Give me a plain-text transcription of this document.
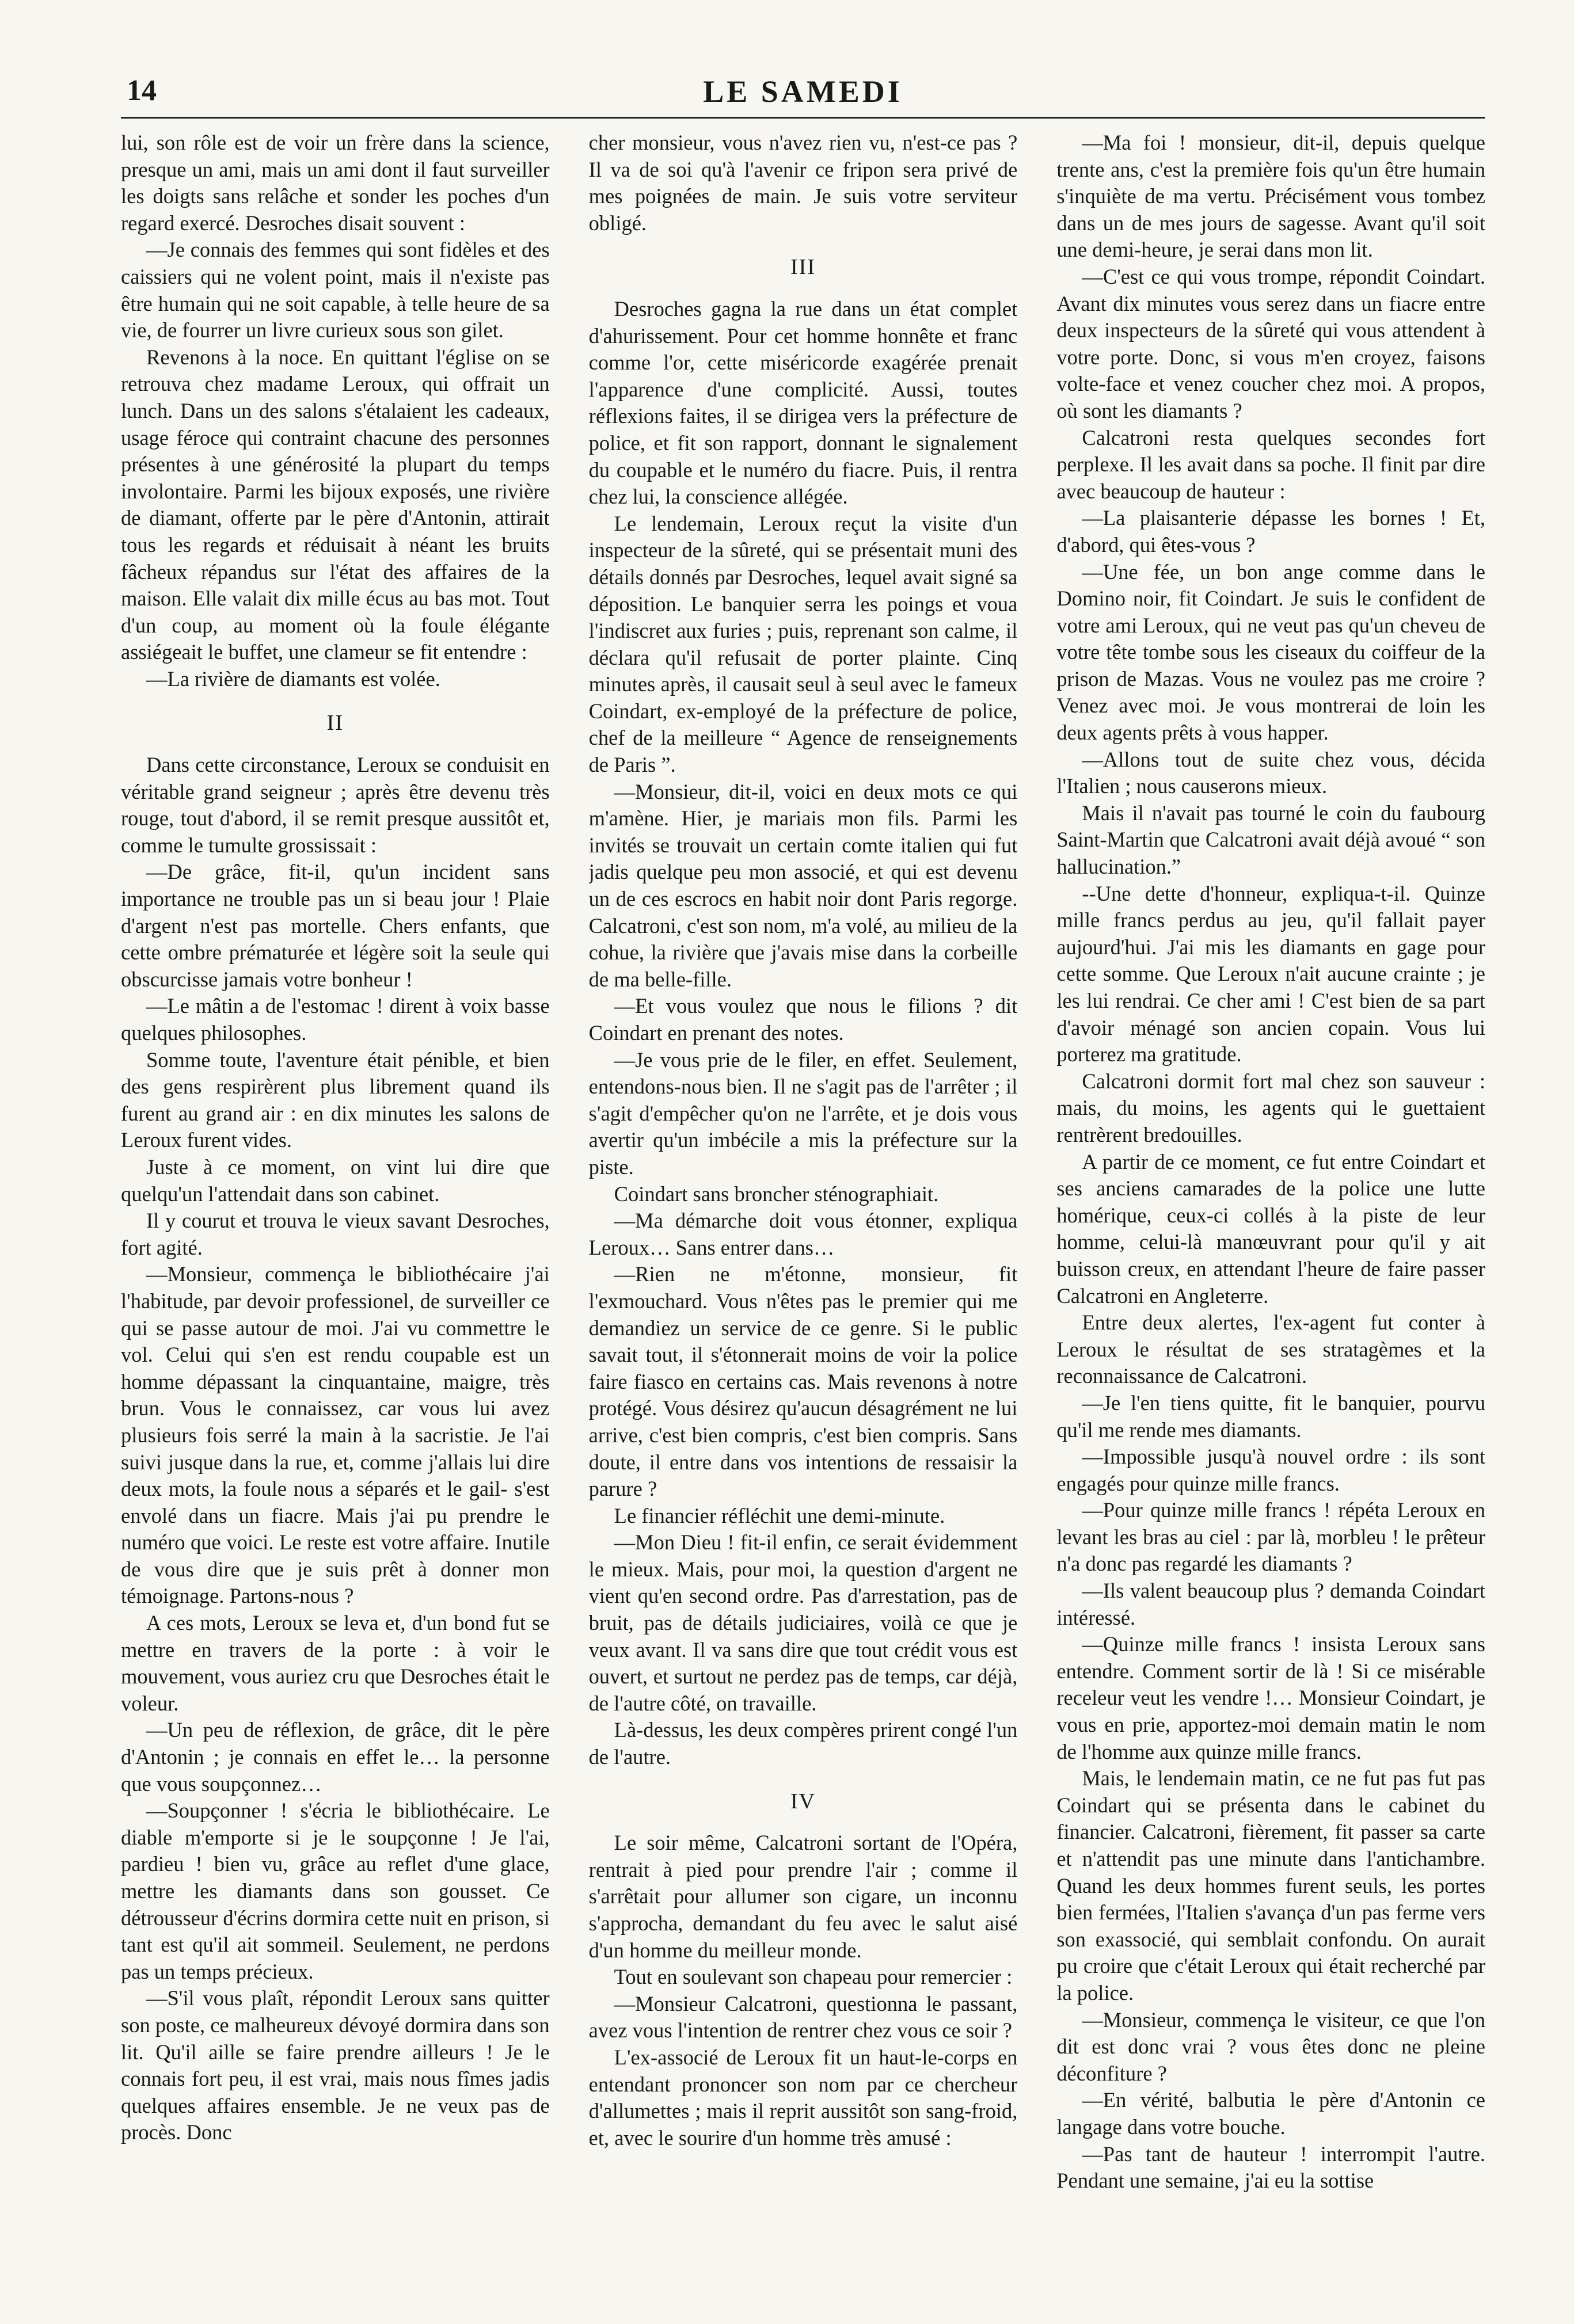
14	LE SAMEDI

lui, son rôle est de voir un frère dans la science, presque un ami, mais un ami dont il faut surveiller les doigts sans relâche et sonder les poches d'un regard exercé. Desroches disait souvent :

—Je connais des femmes qui sont fidèles et des caissiers qui ne volent point, mais il n'existe pas être humain qui ne soit capable, à telle heure de sa vie, de fourrer un livre curieux sous son gilet.

Revenons à la noce. En quittant l'église on se retrouva chez madame Leroux, qui offrait un lunch. Dans un des salons s'étalaient les cadeaux, usage féroce qui contraint chacune des personnes présentes à une générosité la plupart du temps involontaire. Parmi les bijoux exposés, une rivière de diamant, offerte par le père d'Antonin, attirait tous les regards et réduisait à néant les bruits fâcheux répandus sur l'état des affaires de la maison. Elle valait dix mille écus au bas mot. Tout d'un coup, au moment où la foule élégante assiégeait le buffet, une clameur se fit entendre :

—La rivière de diamants est volée.

II

Dans cette circonstance, Leroux se conduisit en véritable grand seigneur ; après être devenu très rouge, tout d'abord, il se remit presque aussitôt et, comme le tumulte grossissait :

—De grâce, fit-il, qu'un incident sans importance ne trouble pas un si beau jour ! Plaie d'argent n'est pas mortelle. Chers enfants, que cette ombre prématurée et légère soit la seule qui obscurcisse jamais votre bonheur !

—Le mâtin a de l'estomac ! dirent à voix basse quelques philosophes.

Somme toute, l'aventure était pénible, et bien des gens respirèrent plus librement quand ils furent au grand air : en dix minutes les salons de Leroux furent vides.

Juste à ce moment, on vint lui dire que quelqu'un l'attendait dans son cabinet.

Il y courut et trouva le vieux savant Desroches, fort agité.

—Monsieur, commença le bibliothécaire j'ai l'habitude, par devoir professionel, de surveiller ce qui se passe autour de moi. J'ai vu commettre le vol. Celui qui s'en est rendu coupable est un homme dépassant la cinquantaine, maigre, très brun. Vous le connaissez, car vous lui avez plusieurs fois serré la main à la sacristie. Je l'ai suivi jusque dans la rue, et, comme j'allais lui dire deux mots, la foule nous a séparés et le gail- s'est envolé dans un fiacre. Mais j'ai pu prendre le numéro que voici. Le reste est votre affaire. Inutile de vous dire que je suis prêt à donner mon témoignage. Partons-nous ?

A ces mots, Leroux se leva et, d'un bond fut se mettre en travers de la porte : à voir le mouvement, vous auriez cru que Desroches était le voleur.

—Un peu de réflexion, de grâce, dit le père d'Antonin ; je connais en effet le… la personne que vous soupçonnez…

—Soupçonner ! s'écria le bibliothécaire. Le diable m'emporte si je le soupçonne ! Je l'ai, pardieu ! bien vu, grâce au reflet d'une glace, mettre les diamants dans son gousset. Ce détrousseur d'écrins dormira cette nuit en prison, si tant est qu'il ait sommeil. Seulement, ne perdons pas un temps précieux.

—S'il vous plaît, répondit Leroux sans quitter son poste, ce malheureux dévoyé dormira dans son lit. Qu'il aille se faire prendre ailleurs ! Je le connais fort peu, il est vrai, mais nous fîmes jadis quelques affaires ensemble. Je ne veux pas de procès. Donc

cher monsieur, vous n'avez rien vu, n'est-ce pas ? Il va de soi qu'à l'avenir ce fripon sera privé de mes poignées de main. Je suis votre serviteur obligé.

III

Desroches gagna la rue dans un état complet d'ahurissement. Pour cet homme honnête et franc comme l'or, cette miséricorde exagérée prenait l'apparence d'une complicité. Aussi, toutes réflexions faites, il se dirigea vers la préfecture de police, et fit son rapport, donnant le signalement du coupable et le numéro du fiacre. Puis, il rentra chez lui, la conscience allégée.

Le lendemain, Leroux reçut la visite d'un inspecteur de la sûreté, qui se présentait muni des détails donnés par Desroches, lequel avait signé sa déposition. Le banquier serra les poings et voua l'indiscret aux furies ; puis, reprenant son calme, il déclara qu'il refusait de porter plainte. Cinq minutes après, il causait seul à seul avec le fameux Coindart, ex-employé de la préfecture de police, chef de la meilleure “ Agence de renseignements de Paris ”.

—Monsieur, dit-il, voici en deux mots ce qui m'amène. Hier, je mariais mon fils. Parmi les invités se trouvait un certain comte italien qui fut jadis quelque peu mon associé, et qui est devenu un de ces escrocs en habit noir dont Paris regorge. Calcatroni, c'est son nom, m'a volé, au milieu de la cohue, la rivière que j'avais mise dans la corbeille de ma belle-fille.

—Et vous voulez que nous le filions ? dit Coindart en prenant des notes.

—Je vous prie de le filer, en effet. Seulement, entendons-nous bien. Il ne s'agit pas de l'arrêter ; il s'agit d'empêcher qu'on ne l'arrête, et je dois vous avertir qu'un imbécile a mis la préfecture sur la piste.

Coindart sans broncher sténographiait.

—Ma démarche doit vous étonner, expliqua Leroux… Sans entrer dans…

—Rien ne m'étonne, monsieur, fit l'exmouchard. Vous n'êtes pas le premier qui me demandiez un service de ce genre. Si le public savait tout, il s'étonnerait moins de voir la police faire fiasco en certains cas. Mais revenons à notre protégé. Vous désirez qu'aucun désagrément ne lui arrive, c'est bien compris, c'est bien compris. Sans doute, il entre dans vos intentions de ressaisir la parure ?

Le financier réfléchit une demi-minute.

—Mon Dieu ! fit-il enfin, ce serait évidemment le mieux. Mais, pour moi, la question d'argent ne vient qu'en second ordre. Pas d'arrestation, pas de bruit, pas de détails judiciaires, voilà ce que je veux avant. Il va sans dire que tout crédit vous est ouvert, et surtout ne perdez pas de temps, car déjà, de l'autre côté, on travaille.

Là-dessus, les deux compères prirent congé l'un de l'autre.

IV

Le soir même, Calcatroni sortant de l'Opéra, rentrait à pied pour prendre l'air ; comme il s'arrêtait pour allumer son cigare, un inconnu s'approcha, demandant du feu avec le salut aisé d'un homme du meilleur monde.

Tout en soulevant son chapeau pour remercier :

—Monsieur Calcatroni, questionna le passant, avez vous l'intention de rentrer chez vous ce soir ?

L'ex-associé de Leroux fit un haut-le-corps en entendant prononcer son nom par ce chercheur d'allumettes ; mais il reprit aussitôt son sang-froid, et, avec le sourire d'un homme très amusé :

—Ma foi ! monsieur, dit-il, depuis quelque trente ans, c'est la première fois qu'un être humain s'inquiète de ma vertu. Précisément vous tombez dans un de mes jours de sagesse. Avant qu'il soit une demi-heure, je serai dans mon lit.

—C'est ce qui vous trompe, répondit Coindart. Avant dix minutes vous serez dans un fiacre entre deux inspecteurs de la sûreté qui vous attendent à votre porte. Donc, si vous m'en croyez, faisons volte-face et venez coucher chez moi. A propos, où sont les diamants ?

Calcatroni resta quelques secondes fort perplexe. Il les avait dans sa poche. Il finit par dire avec beaucoup de hauteur :

—La plaisanterie dépasse les bornes ! Et, d'abord, qui êtes-vous ?

—Une fée, un bon ange comme dans le Domino noir, fit Coindart. Je suis le confident de votre ami Leroux, qui ne veut pas qu'un cheveu de votre tête tombe sous les ciseaux du coiffeur de la prison de Mazas. Vous ne voulez pas me croire ? Venez avec moi. Je vous montrerai de loin les deux agents prêts à vous happer.

—Allons tout de suite chez vous, décida l'Italien ; nous causerons mieux.

Mais il n'avait pas tourné le coin du faubourg Saint-Martin que Calcatroni avait déjà avoué “ son hallucination.”

--Une dette d'honneur, expliqua-t-il. Quinze mille francs perdus au jeu, qu'il fallait payer aujourd'hui. J'ai mis les diamants en gage pour cette somme. Que Leroux n'ait aucune crainte ; je les lui rendrai. Ce cher ami ! C'est bien de sa part d'avoir ménagé son ancien copain. Vous lui porterez ma gratitude.

Calcatroni dormit fort mal chez son sauveur : mais, du moins, les agents qui le guettaient rentrèrent bredouilles.

A partir de ce moment, ce fut entre Coindart et ses anciens camarades de la police une lutte homérique, ceux-ci collés à la piste de leur homme, celui-là manœuvrant pour qu'il y ait buisson creux, en attendant l'heure de faire passer Calcatroni en Angleterre.

Entre deux alertes, l'ex-agent fut conter à Leroux le résultat de ses stratagèmes et la reconnaissance de Calcatroni.

—Je l'en tiens quitte, fit le banquier, pourvu qu'il me rende mes diamants.

—Impossible jusqu'à nouvel ordre : ils sont engagés pour quinze mille francs.

—Pour quinze mille francs ! répéta Leroux en levant les bras au ciel : par là, morbleu ! le prêteur n'a donc pas regardé les diamants ?

—Ils valent beaucoup plus ? demanda Coindart intéressé.

—Quinze mille francs ! insista Leroux sans entendre. Comment sortir de là ! Si ce misérable receleur veut les vendre !… Monsieur Coindart, je vous en prie, apportez-moi demain matin le nom de l'homme aux quinze mille francs.

Mais, le lendemain matin, ce ne fut pas fut pas Coindart qui se présenta dans le cabinet du financier. Calcatroni, fièrement, fit passer sa carte et n'attendit pas une minute dans l'antichambre. Quand les deux hommes furent seuls, les portes bien fermées, l'Italien s'avança d'un pas ferme vers son exassocié, qui semblait confondu. On aurait pu croire que c'était Leroux qui était recherché par la police.

—Monsieur, commença le visiteur, ce que l'on dit est donc vrai ? vous êtes donc ne pleine déconfiture ?

—En vérité, balbutia le père d'Antonin ce langage dans votre bouche.

—Pas tant de hauteur ! interrompit l'autre. Pendant une semaine, j'ai eu la sottise
